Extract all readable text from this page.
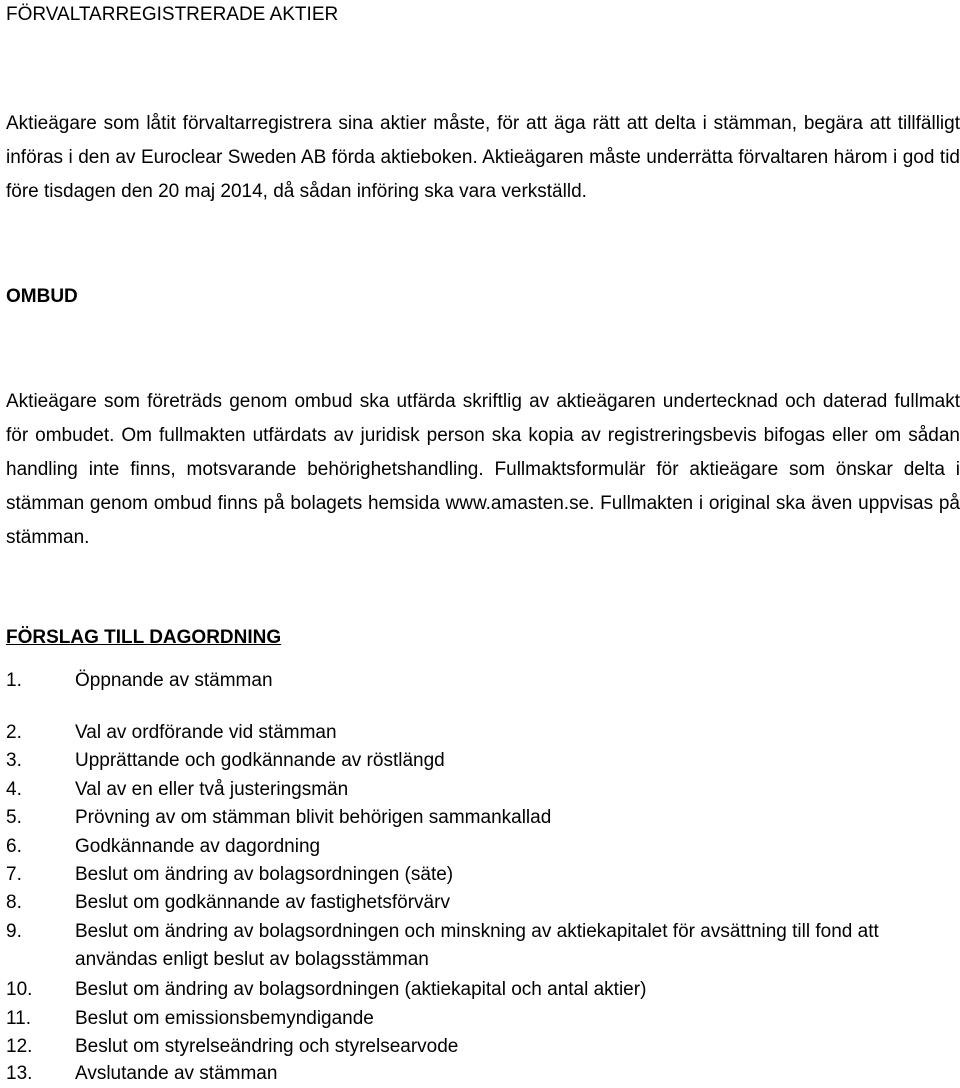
FÖRVALTARREGISTRERADE AKTIER
Aktieägare som låtit förvaltarregistrera sina aktier måste, för att äga rätt att delta i stämman, begära att tillfälligt införas i den av Euroclear Sweden AB förda aktieboken. Aktieägaren måste underrätta förvaltaren härom i god tid före tisdagen den 20 maj 2014, då sådan införing ska vara verkställd.
OMBUD
Aktieägare som företräds genom ombud ska utfärda skriftlig av aktieägaren undertecknad och daterad fullmakt för ombudet. Om fullmakten utfärdats av juridisk person ska kopia av registreringsbevis bifogas eller om sådan handling inte finns, motsvarande behörighetshandling. Fullmaktsformulär för aktieägare som önskar delta i stämman genom ombud finns på bolagets hemsida www.amasten.se. Fullmakten i original ska även uppvisas på stämman.
FÖRSLAG TILL DAGORDNING
1.	Öppnande av stämman
2.	Val av ordförande vid stämman
3.	Upprättande och godkännande av röstlängd
4.	Val av en eller två justeringsmän
5.	Prövning av om stämman blivit behörigen sammankallad
6.	Godkännande av dagordning
7.	Beslut om ändring av bolagsordningen (säte)
8.	Beslut om godkännande av fastighetsförvärv
9.	Beslut om ändring av bolagsordningen och minskning av aktiekapitalet för avsättning till fond att användas enligt beslut av bolagsstämman
10. Beslut om ändring av bolagsordningen (aktiekapital och antal aktier)
11. Beslut om emissionsbemyndigande
12. Beslut om styrelseändring och styrelsearvode
13. Avslutande av stämman
